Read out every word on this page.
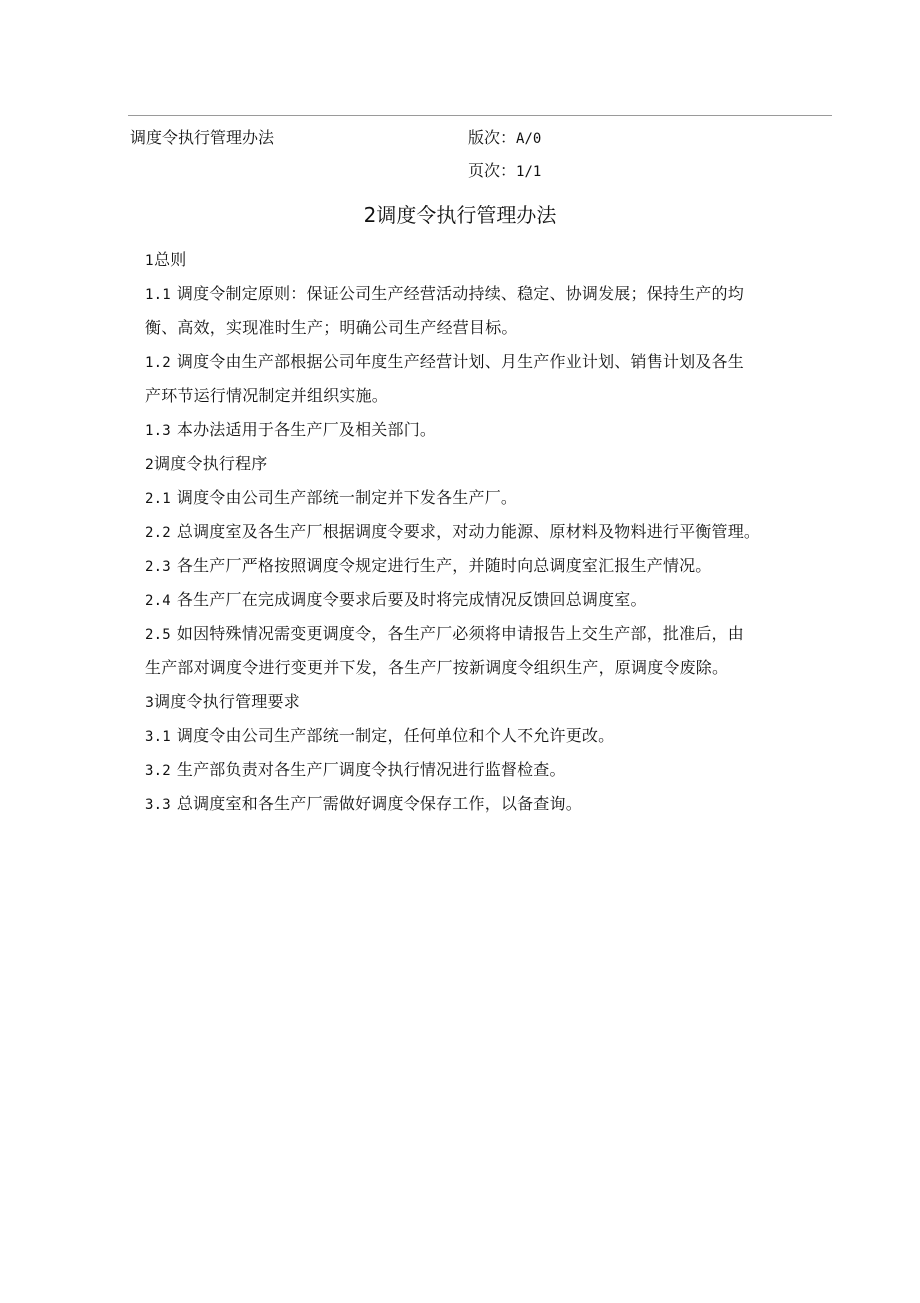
调度令执行管理办法	版次：A/0
页次：1/1
2调度令执行管理办法
1总则
1.1 调度令制定原则：保证公司生产经营活动持续、稳定、协调发展；保持生产的均
衡、高效，实现准时生产；明确公司生产经营目标。
1.2 调度令由生产部根据公司年度生产经营计划、月生产作业计划、销售计划及各生
产环节运行情况制定并组织实施。
1.3 本办法适用于各生产厂及相关部门。
2调度令执行程序
2.1 调度令由公司生产部统一制定并下发各生产厂。
2.2 总调度室及各生产厂根据调度令要求，对动力能源、原材料及物料进行平衡管理。
2.3 各生产厂严格按照调度令规定进行生产，并随时向总调度室汇报生产情况。
2.4 各生产厂在完成调度令要求后要及时将完成情况反馈回总调度室。
2.5 如因特殊情况需变更调度令，各生产厂必须将申请报告上交生产部，批准后，由
生产部对调度令进行变更并下发，各生产厂按新调度令组织生产，原调度令废除。
3调度令执行管理要求
3.1 调度令由公司生产部统一制定，任何单位和个人不允许更改。
3.2 生产部负责对各生产厂调度令执行情况进行监督检查。
3.3 总调度室和各生产厂需做好调度令保存工作，以备查询。
